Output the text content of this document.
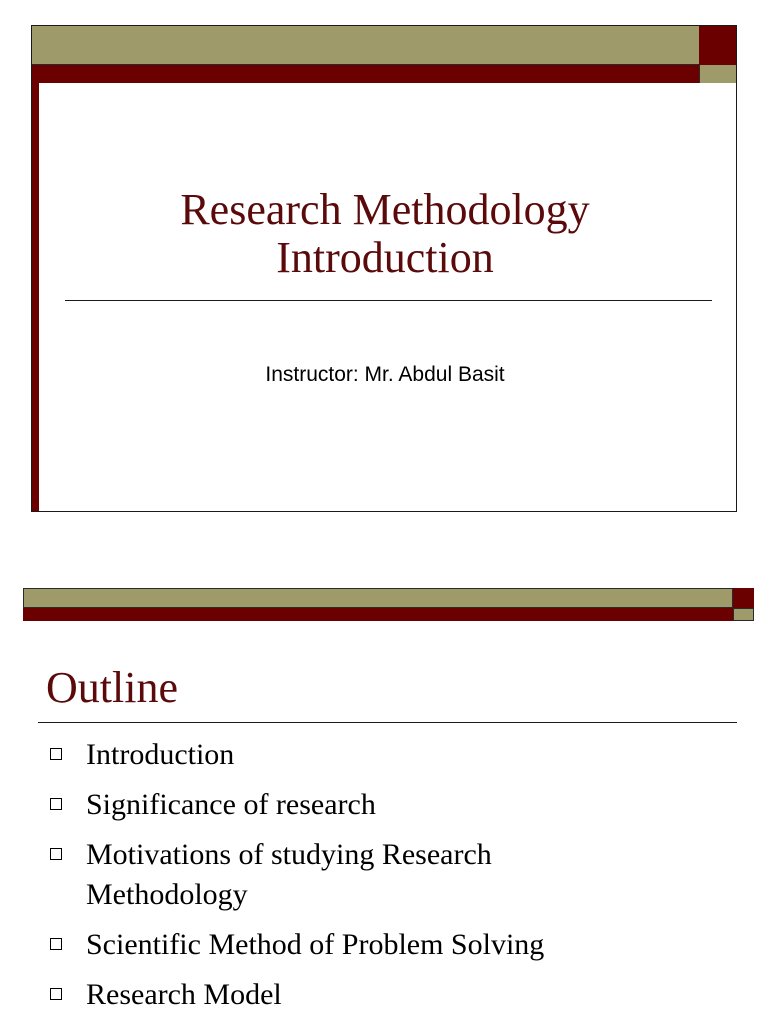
Research Methodology
Introduction
Instructor: Mr. Abdul Basit
Outline
Introduction
Significance of research
Motivations of studying Research
Methodology
Scientific Method of Problem Solving
Research Model
